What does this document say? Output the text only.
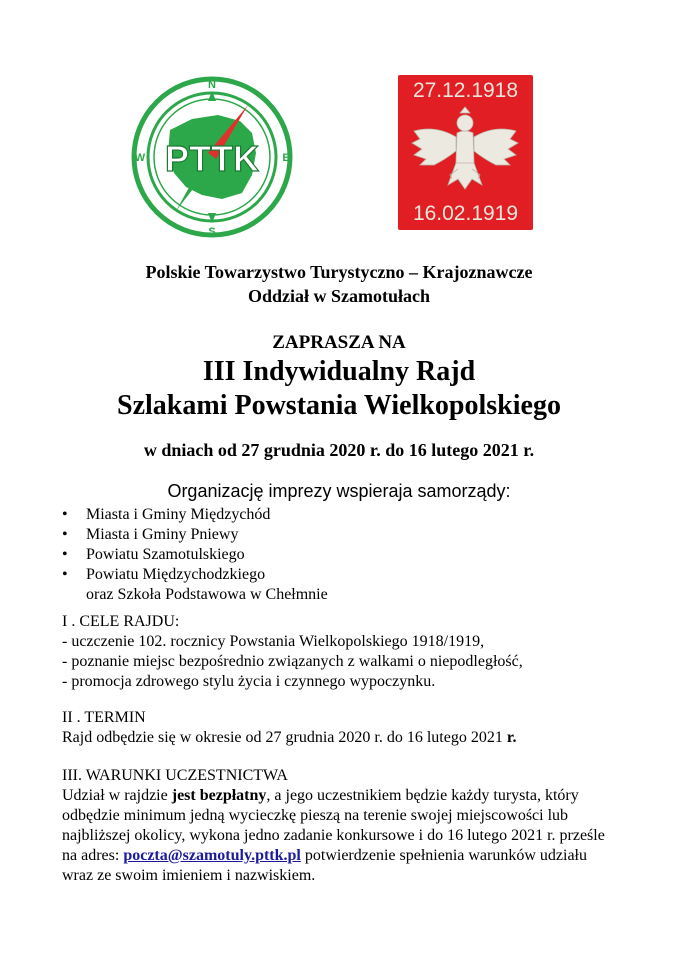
N
S
E
W PTTK
27.12.1918
16.02.1919
Polskie Towarzystwo Turystyczno – Krajoznawcze
Oddział w Szamotułach
ZAPRASZA NA
III Indywidualny Rajd
Szlakami Powstania Wielkopolskiego
w dniach od 27 grudnia 2020 r. do 16 lutego 2021 r.
Organizację imprezy wspieraja samorządy:
• Miasta i Gminy Międzychód
• Miasta i Gminy Pniewy
• Powiatu Szamotulskiego
• Powiatu Międzychodzkiego
oraz Szkoła Podstawowa w Chełmnie
I . CELE RAJDU:
- uczczenie 102. rocznicy Powstania Wielkopolskiego 1918/1919,
- poznanie miejsc bezpośrednio związanych z walkami o niepodległość,
- promocja zdrowego stylu życia i czynnego wypoczynku.
II . TERMIN
Rajd odbędzie się w okresie od 27 grudnia 2020 r. do 16 lutego 2021 r.
III. WARUNKI UCZESTNICTWA
Udział w rajdzie jest bezpłatny, a jego uczestnikiem będzie każdy turysta, który
odbędzie minimum jedną wycieczkę pieszą na terenie swojej miejscowości lub
najbliższej okolicy, wykona jedno zadanie konkursowe i do 16 lutego 2021 r. prześle
na adres: poczta@szamotuly.pttk.pl potwierdzenie spełnienia warunków udziału
wraz ze swoim imieniem i nazwiskiem.
